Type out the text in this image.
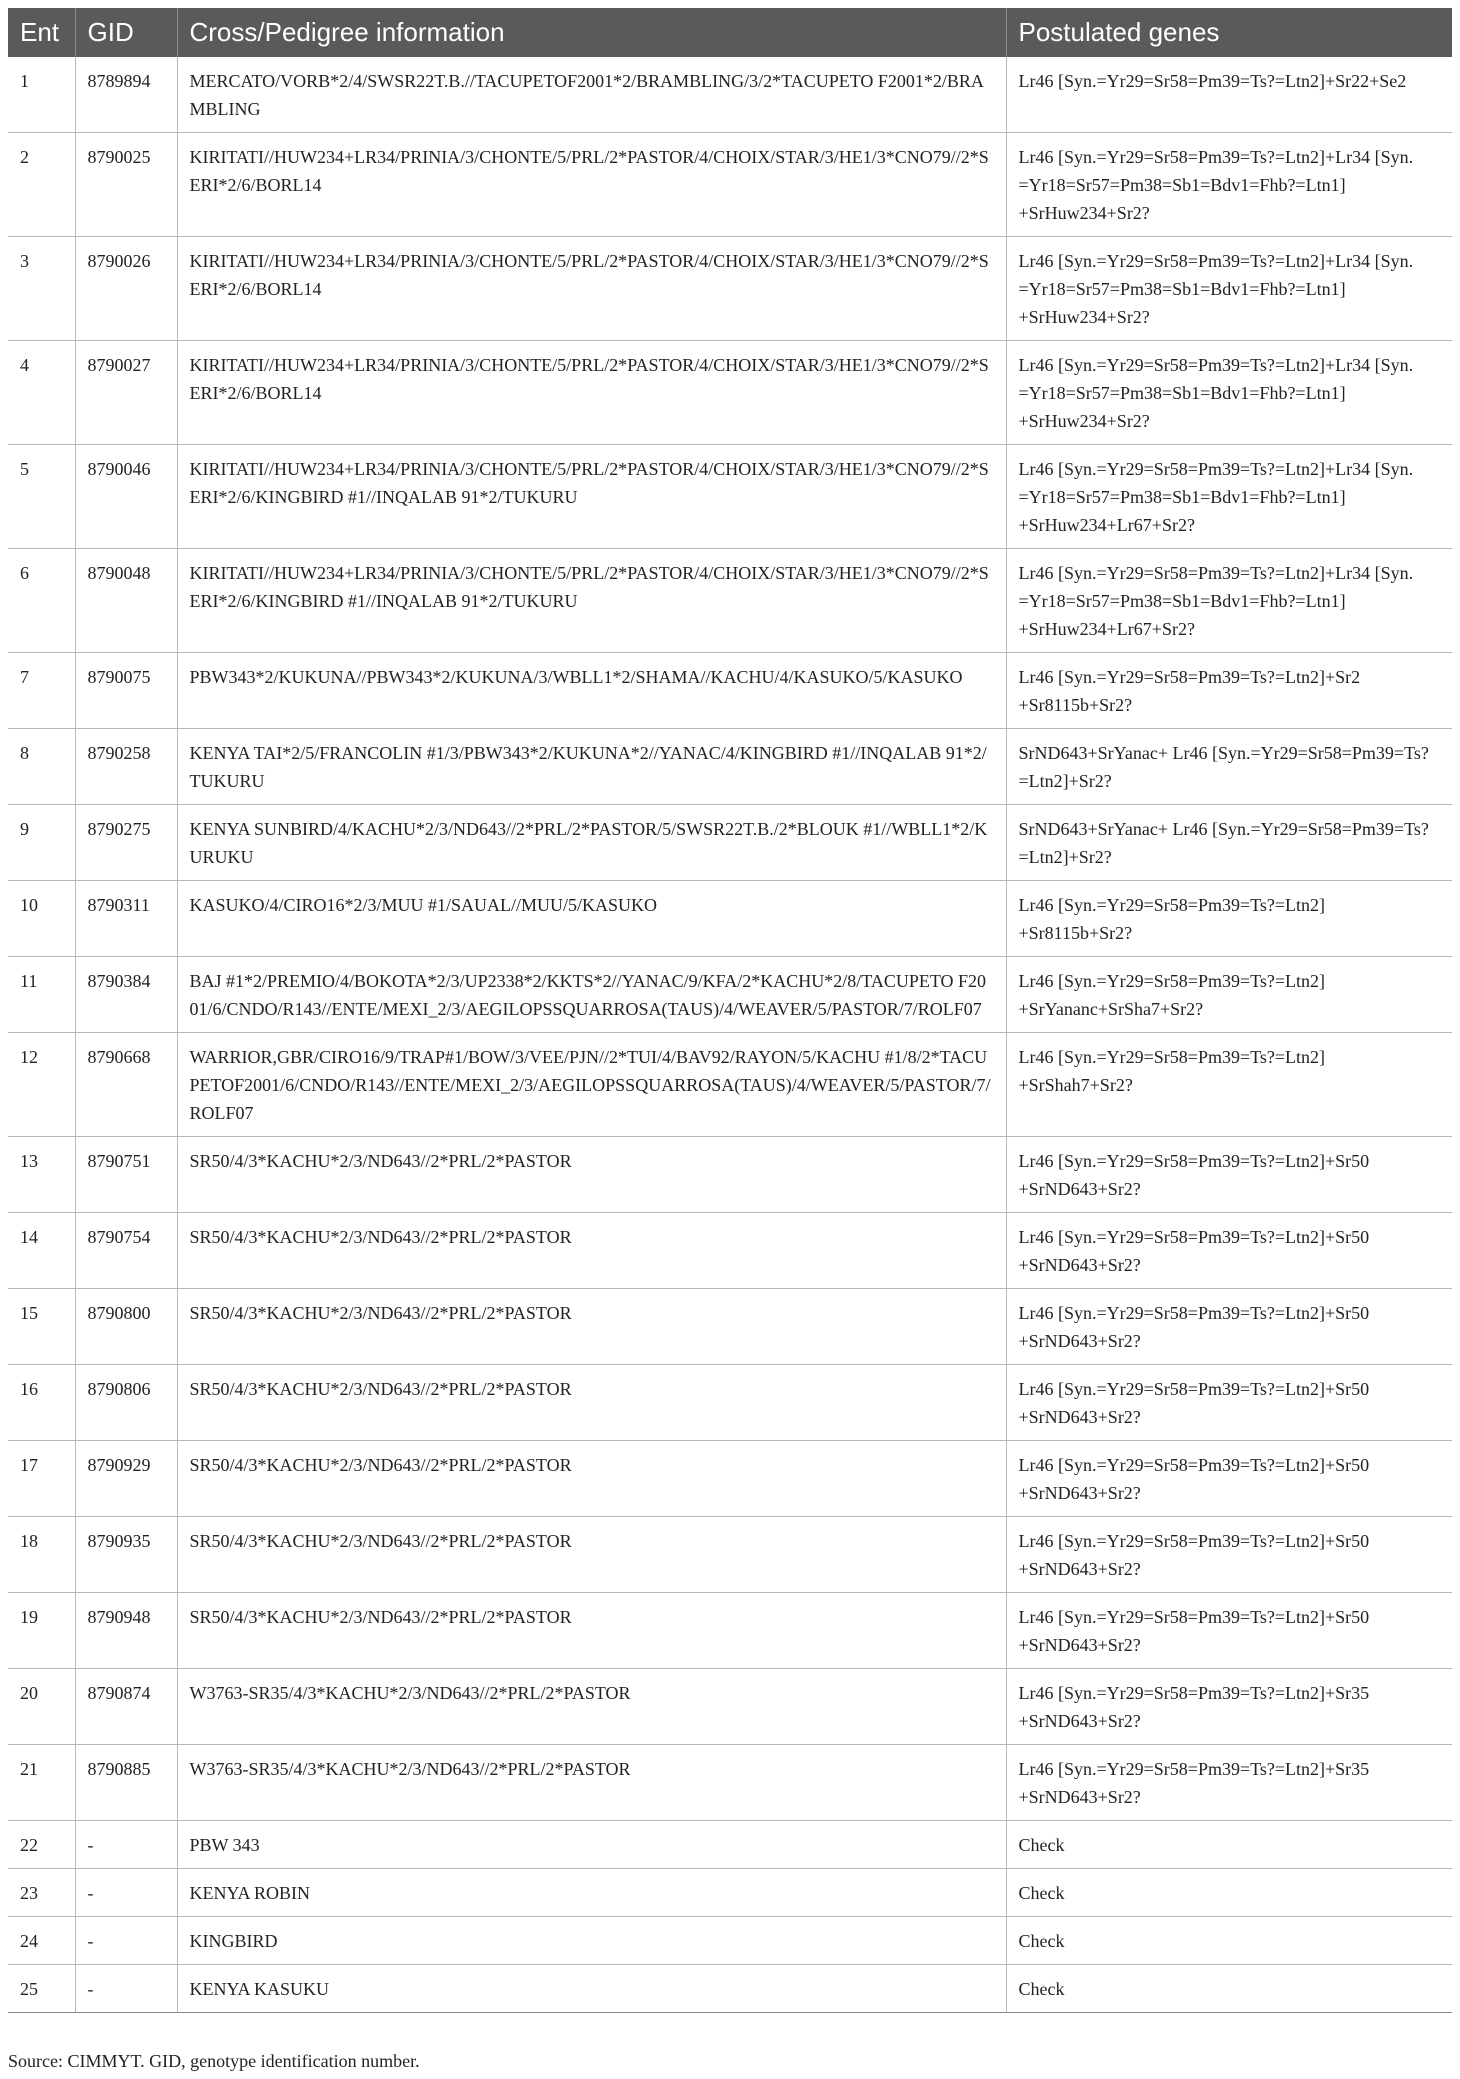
Ent	GID	Cross/Pedigree information	Postulated genes
1	8789894	MERCATO/VORB*2/4/SWSR22T.B.//TACUPETOF2001*2/BRAMBLING/3/2*TACUPETO F2001*2/BRAMBLING	Lr46 [Syn.=Yr29=Sr58=Pm39=Ts?=Ltn2]+Sr22+Se2
2	8790025	KIRITATI//HUW234+LR34/PRINIA/3/CHONTE/5/PRL/2*PASTOR/4/CHOIX/STAR/3/HE1/3*CNO79//2*SERI*2/6/BORL14	Lr46 [Syn.=Yr29=Sr58=Pm39=Ts?=Ltn2]+Lr34 [Syn. =Yr18=Sr57=Pm38=Sb1=Bdv1=Fhb?=Ltn1] +SrHuw234+Sr2?
3	8790026	KIRITATI//HUW234+LR34/PRINIA/3/CHONTE/5/PRL/2*PASTOR/4/CHOIX/STAR/3/HE1/3*CNO79//2*SERI*2/6/BORL14	Lr46 [Syn.=Yr29=Sr58=Pm39=Ts?=Ltn2]+Lr34 [Syn. =Yr18=Sr57=Pm38=Sb1=Bdv1=Fhb?=Ltn1] +SrHuw234+Sr2?
4	8790027	KIRITATI//HUW234+LR34/PRINIA/3/CHONTE/5/PRL/2*PASTOR/4/CHOIX/STAR/3/HE1/3*CNO79//2*SERI*2/6/BORL14	Lr46 [Syn.=Yr29=Sr58=Pm39=Ts?=Ltn2]+Lr34 [Syn. =Yr18=Sr57=Pm38=Sb1=Bdv1=Fhb?=Ltn1] +SrHuw234+Sr2?
5	8790046	KIRITATI//HUW234+LR34/PRINIA/3/CHONTE/5/PRL/2*PASTOR/4/CHOIX/STAR/3/HE1/3*CNO79//2*SERI*2/6/KINGBIRD #1//INQALAB 91*2/TUKURU	Lr46 [Syn.=Yr29=Sr58=Pm39=Ts?=Ltn2]+Lr34 [Syn. =Yr18=Sr57=Pm38=Sb1=Bdv1=Fhb?=Ltn1] +SrHuw234+Lr67+Sr2?
6	8790048	KIRITATI//HUW234+LR34/PRINIA/3/CHONTE/5/PRL/2*PASTOR/4/CHOIX/STAR/3/HE1/3*CNO79//2*SERI*2/6/KINGBIRD #1//INQALAB 91*2/TUKURU	Lr46 [Syn.=Yr29=Sr58=Pm39=Ts?=Ltn2]+Lr34 [Syn. =Yr18=Sr57=Pm38=Sb1=Bdv1=Fhb?=Ltn1] +SrHuw234+Lr67+Sr2?
7	8790075	PBW343*2/KUKUNA//PBW343*2/KUKUNA/3/WBLL1*2/SHAMA//KACHU/4/KASUKO/5/KASUKO	Lr46 [Syn.=Yr29=Sr58=Pm39=Ts?=Ltn2]+Sr2 +Sr8115b+Sr2?
8	8790258	KENYA TAI*2/5/FRANCOLIN #1/3/PBW343*2/KUKUNA*2//YANAC/4/KINGBIRD #1//INQALAB 91*2/TUKURU	SrND643+SrYanac+ Lr46 [Syn.=Yr29=Sr58=Pm39=Ts?=Ltn2]+Sr2?
9	8790275	KENYA SUNBIRD/4/KACHU*2/3/ND643//2*PRL/2*PASTOR/5/SWSR22T.B./2*BLOUK #1//WBLL1*2/KURUKU	SrND643+SrYanac+ Lr46 [Syn.=Yr29=Sr58=Pm39=Ts?=Ltn2]+Sr2?
10	8790311	KASUKO/4/CIRO16*2/3/MUU #1/SAUAL//MUU/5/KASUKO	Lr46 [Syn.=Yr29=Sr58=Pm39=Ts?=Ltn2] +Sr8115b+Sr2?
11	8790384	BAJ #1*2/PREMIO/4/BOKOTA*2/3/UP2338*2/KKTS*2//YANAC/9/KFA/2*KACHU*2/8/TACUPETO F2001/6/CNDO/R143//ENTE/MEXI_2/3/AEGILOPSSQUARROSA(TAUS)/4/WEAVER/5/PASTOR/7/ROLF07	Lr46 [Syn.=Yr29=Sr58=Pm39=Ts?=Ltn2] +SrYananc+SrSha7+Sr2?
12	8790668	WARRIOR,GBR/CIRO16/9/TRAP#1/BOW/3/VEE/PJN//2*TUI/4/BAV92/RAYON/5/KACHU #1/8/2*TACUPETOF2001/6/CNDO/R143//ENTE/MEXI_2/3/AEGILOPSSQUARROSA(TAUS)/4/WEAVER/5/PASTOR/7/ROLF07	Lr46 [Syn.=Yr29=Sr58=Pm39=Ts?=Ltn2] +SrShah7+Sr2?
13	8790751	SR50/4/3*KACHU*2/3/ND643//2*PRL/2*PASTOR	Lr46 [Syn.=Yr29=Sr58=Pm39=Ts?=Ltn2]+Sr50 +SrND643+Sr2?
14	8790754	SR50/4/3*KACHU*2/3/ND643//2*PRL/2*PASTOR	Lr46 [Syn.=Yr29=Sr58=Pm39=Ts?=Ltn2]+Sr50 +SrND643+Sr2?
15	8790800	SR50/4/3*KACHU*2/3/ND643//2*PRL/2*PASTOR	Lr46 [Syn.=Yr29=Sr58=Pm39=Ts?=Ltn2]+Sr50 +SrND643+Sr2?
16	8790806	SR50/4/3*KACHU*2/3/ND643//2*PRL/2*PASTOR	Lr46 [Syn.=Yr29=Sr58=Pm39=Ts?=Ltn2]+Sr50 +SrND643+Sr2?
17	8790929	SR50/4/3*KACHU*2/3/ND643//2*PRL/2*PASTOR	Lr46 [Syn.=Yr29=Sr58=Pm39=Ts?=Ltn2]+Sr50 +SrND643+Sr2?
18	8790935	SR50/4/3*KACHU*2/3/ND643//2*PRL/2*PASTOR	Lr46 [Syn.=Yr29=Sr58=Pm39=Ts?=Ltn2]+Sr50 +SrND643+Sr2?
19	8790948	SR50/4/3*KACHU*2/3/ND643//2*PRL/2*PASTOR	Lr46 [Syn.=Yr29=Sr58=Pm39=Ts?=Ltn2]+Sr50 +SrND643+Sr2?
20	8790874	W3763-SR35/4/3*KACHU*2/3/ND643//2*PRL/2*PASTOR	Lr46 [Syn.=Yr29=Sr58=Pm39=Ts?=Ltn2]+Sr35 +SrND643+Sr2?
21	8790885	W3763-SR35/4/3*KACHU*2/3/ND643//2*PRL/2*PASTOR	Lr46 [Syn.=Yr29=Sr58=Pm39=Ts?=Ltn2]+Sr35 +SrND643+Sr2?
22	-	PBW 343	Check
23	-	KENYA ROBIN	Check
24	-	KINGBIRD	Check
25	-	KENYA KASUKU	Check
Source: CIMMYT. GID, genotype identification number.
